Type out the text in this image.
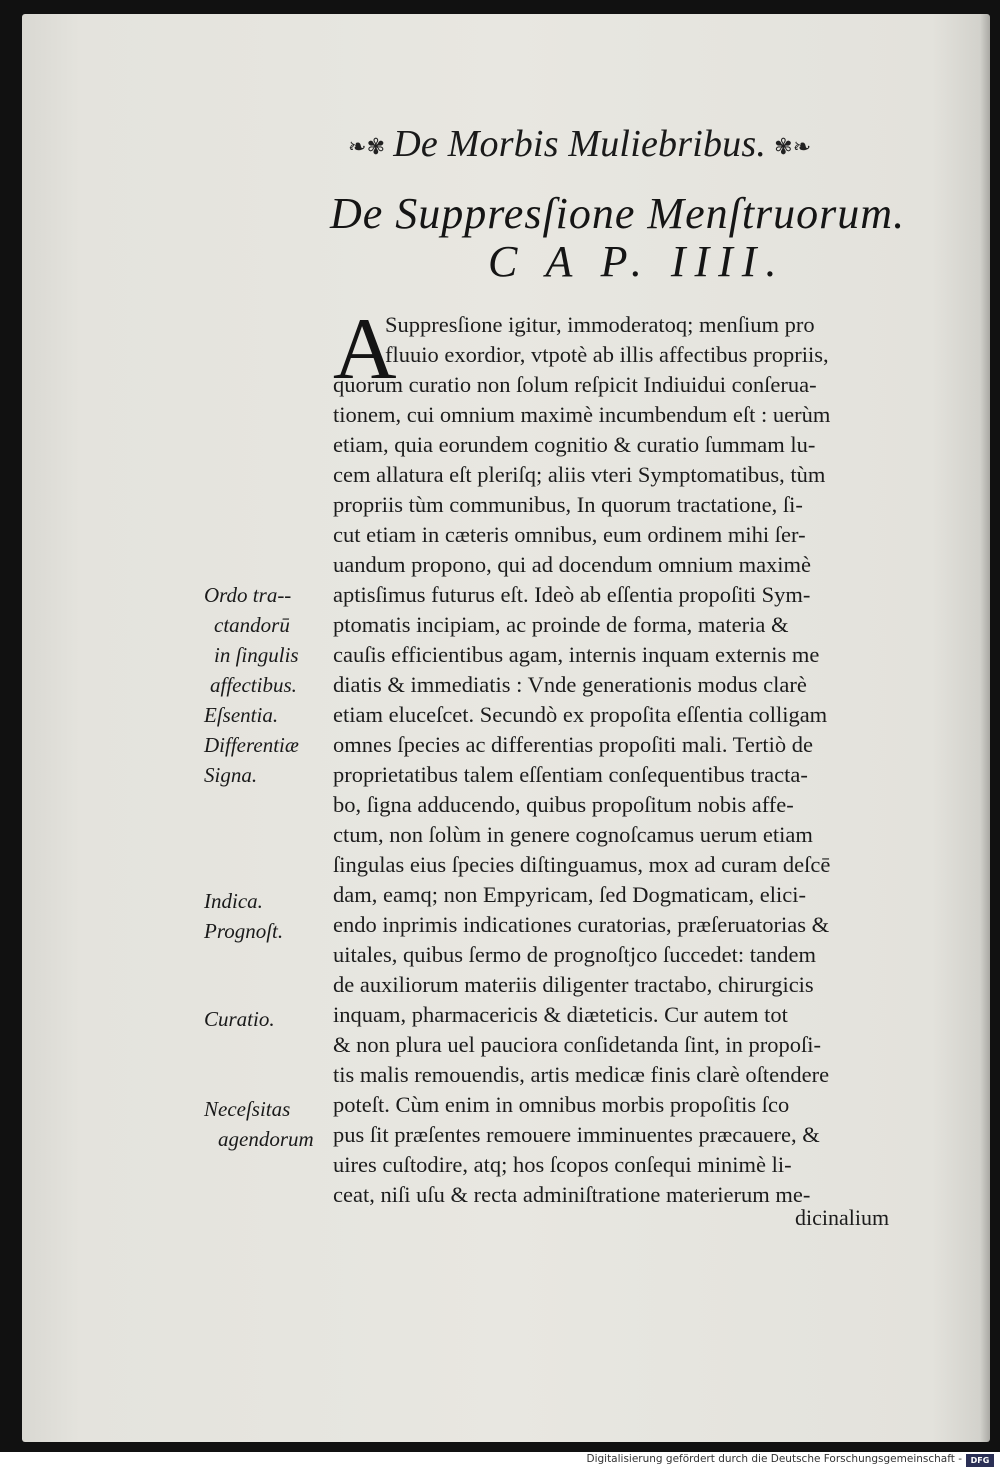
❧✾ De Morbis Muliebribus. ✾❧
De Suppresſione Menſtruorum.
C A P. IIII.
A
Suppresſione igitur, immoderatoq; menſium pro
fluuio exordior, vtpotè ab illis affectibus propriis,
quorum curatio non ſolum reſpicit Indiuidui conſerua-
tionem, cui omnium maximè incumbendum eſt : uerùm
etiam, quia eorundem cognitio & curatio ſummam lu-
cem allatura eſt pleriſq; aliis vteri Symptomatibus, tùm
propriis tùm communibus, In quorum tractatione, ſi-
cut etiam in cæteris omnibus, eum ordinem mihi ſer-
uandum propono, qui ad docendum omnium maximè
aptisſimus futurus eſt. Ideò ab eſſentia propoſiti Sym-
ptomatis incipiam, ac proinde de forma, materia &
cauſis efficientibus agam, internis inquam externis me
diatis & immediatis : Vnde generationis modus clarè
etiam eluceſcet. Secundò ex propoſita eſſentia colligam
omnes ſpecies ac differentias propoſiti mali. Tertiò de
proprietatibus talem eſſentiam conſequentibus tracta-
bo, ſigna adducendo, quibus propoſitum nobis affe-
ctum, non ſolùm in genere cognoſcamus uerum etiam
ſingulas eius ſpecies diſtinguamus, mox ad curam deſcē
dam, eamq; non Empyricam, ſed Dogmaticam, elici-
endo inprimis indicationes curatorias, præſeruatorias &
uitales, quibus ſermo de prognoſtjco ſuccedet: tandem
de auxiliorum materiis diligenter tractabo, chirurgicis
inquam, pharmacericis & diæteticis. Cur autem tot
& non plura uel pauciora conſidetanda ſint, in propoſi-
tis malis remouendis, artis medicæ finis clarè oſtendere
poteſt. Cùm enim in omnibus morbis propoſitis ſco
pus ſit præſentes remouere imminuentes præcauere, &
uires cuſtodire, atq; hos ſcopos conſequi minimè li-
ceat, niſi uſu & recta adminiſtratione materierum me-
dicinalium
Ordo tra--
ctandorū
in ſingulis
affectibus.
Eſsentia.
Differentiæ
Signa.
Indica.
Prognoſt.
Curatio.
Neceſsitas
agendorum
Digitalisierung gefördert durch die Deutsche Forschungsgemeinschaft -	DFG
